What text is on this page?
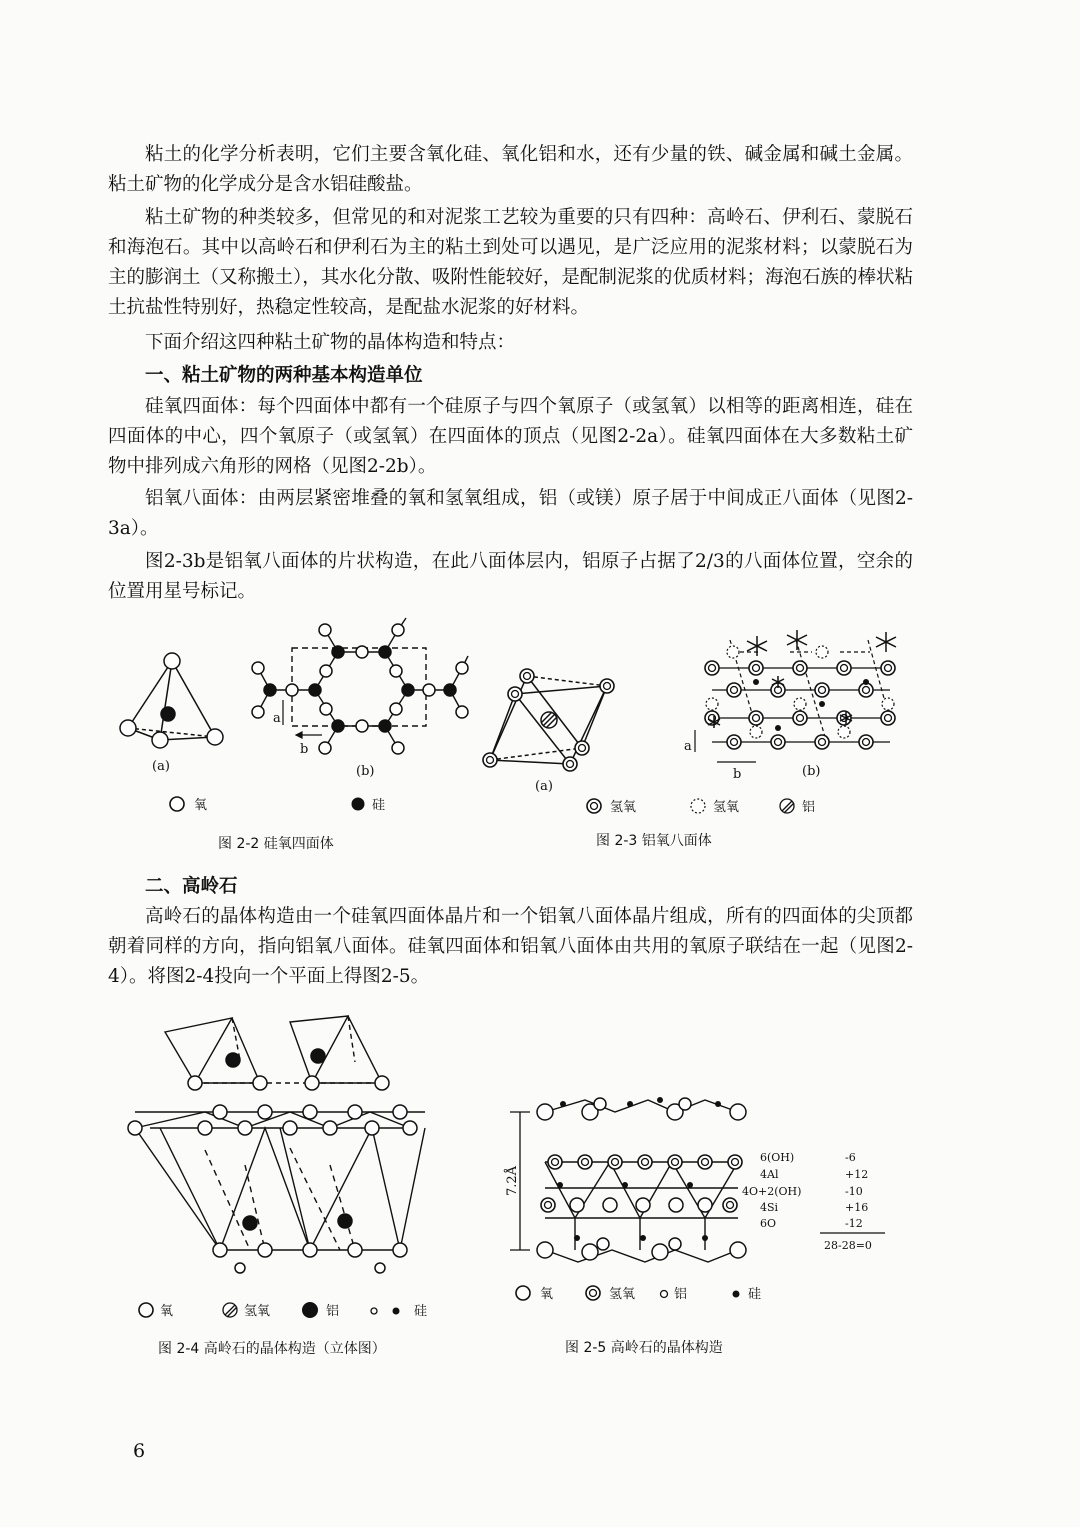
粘土的化学分析表明，它们主要含氧化硅、氧化铝和水，还有少量的铁、碱金属和碱土金属。粘土矿物的化学成分是含水铝硅酸盐。

粘土矿物的种类较多，但常见的和对泥浆工艺较为重要的只有四种：高岭石、伊利石、蒙脱石和海泡石。其中以高岭石和伊利石为主的粘土到处可以遇见，是广泛应用的泥浆材料；以蒙脱石为主的膨润土（又称搬土），其水化分散、吸附性能较好，是配制泥浆的优质材料；海泡石族的棒状粘土抗盐性特别好，热稳定性较高，是配盐水泥浆的好材料。

下面介绍这四种粘土矿物的晶体构造和特点：

一、粘土矿物的两种基本构造单位

硅氧四面体：每个四面体中都有一个硅原子与四个氧原子（或氢氧）以相等的距离相连，硅在四面体的中心，四个氧原子（或氢氧）在四面体的顶点（见图2-2a）。硅氧四面体在大多数粘土矿物中排列成六角形的网格（见图2-2b）。

铝氧八面体：由两层紧密堆叠的氧和氢氧组成，铝（或镁）原子居于中间成正八面体（见图2-3a）。

图2-3b是铝氧八面体的片状构造，在此八面体层内，铝原子占据了2/3的八面体位置，空余的位置用星号标记。

二、高岭石

高岭石的晶体构造由一个硅氧四面体晶片和一个铝氧八面体晶片组成，所有的四面体的尖顶都朝着同样的方向，指向铝氧八面体。硅氧四面体和铝氧八面体由共用的氧原子联结在一起（见图2-4）。将图2-4投向一个平面上得图2-5。

(a)
a
b
(b)
氧	硅
图 2-2 硅氧四面体
(a)
a
b	(b)
氢氧	氢氧	铝
图 2-3 铝氧八面体
氧	氢氧	铝	硅
图 2-4 高岭石的晶体构造（立体图）
7.2Å
6(OH)	-6
4Al	+12
4O+2(OH)	-10
4Si	+16
6O	-12
28-28=0
氧	氢氧	铝	硅
图 2-5 高岭石的晶体构造
6
